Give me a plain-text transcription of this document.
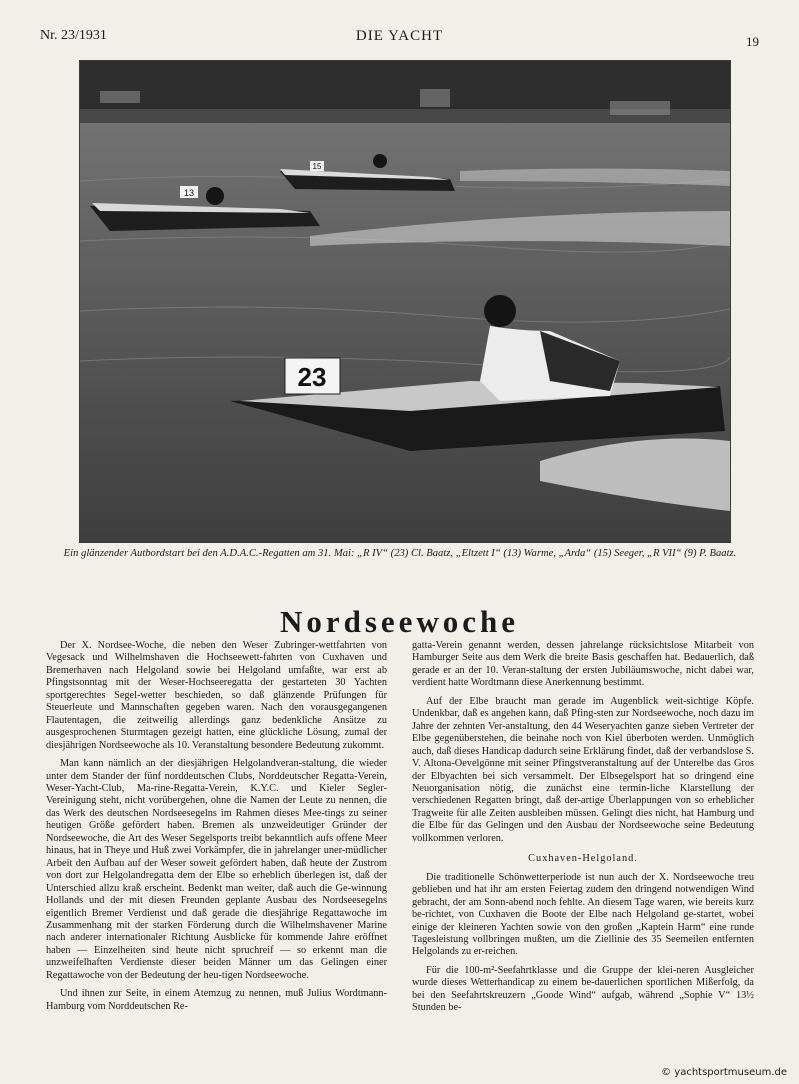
Nr. 23/1931	DIE YACHT	19
13
15
23
Ein glänzender Autbordstart bei den A.D.A.C.-Regatten am 31. Mai: „R IV“ (23) Cl. Baatz, „Eltzett I“ (13) Warme, „Arda“ (15) Seeger, „R VII“ (9) P. Baatz.
Nordseewoche

Der X. Nordsee-Woche, die neben den Weser Zubringer-wettfahrten von Vegesack und Wilhelmshaven die Hochseewett-fahrten von Cuxhaven und Bremerhaven nach Helgoland sowie bei Helgoland umfaßte, war erst ab Pfingstsonntag mit der Weser-Hochseeregatta der gestarteten 30 Yachten sportgerechtes Segel-wetter beschieden, so daß glänzende Prüfungen für Steuerleute und Mannschaften gegeben waren. Nach den vorausgegangenen Flautentagen, die zeitweilig allerdings ganz bedenkliche Ansätze zu ausgesprochenen Sturmtagen gezeigt hatten, eine glückliche Lösung, zumal der diesjährigen Nordseewoche als 10. Veranstaltung besondere Bedeutung zukommt.

Man kann nämlich an der diesjährigen Helgolandveran-staltung, die wieder unter dem Stander der fünf norddeutschen Clubs, Norddeutscher Regatta-Verein, Weser-Yacht-Club, Ma-rine-Regatta-Verein, K.Y.C. und Kieler Segler-Vereinigung steht, nicht vorübergehen, ohne die Namen der Leute zu nennen, die das Werk des deutschen Nordseesegelns im Rahmen dieses Mee-tings zu seiner heutigen Größe gefördert haben. Bremen als unzweideutiger Gründer der Nordseewoche, die Art des Weser Segelsports treibt bekanntlich aufs offene Meer hinaus, hat in Theye und Huß zwei Vorkämpfer, die in jahrelanger uner-müdlicher Arbeit den Aufbau auf der Weser soweit gefördert haben, daß heute der Zustrom von dort zur Helgolandregatta dem der Elbe so erheblich überlegen ist, daß der Unterschied allzu kraß erscheint. Bedenkt man weiter, daß auch die Ge-winnung Hollands und der mit diesen Freunden geplante Ausbau des Nordseesegelns eigentlich Bremer Verdienst und daß gerade die diesjährige Regattawoche im Zusammenhang mit der starken Förderung durch die Wilhelmshavener Marine nach anderer internationaler Richtung Ausblicke für kommende Jahre eröffnet haben — Einzelheiten sind heute nicht spruchreif — so erkennt man die unzweifelhaften Verdienste dieser beiden Männer um das Gelingen einer Regattawoche von der Bedeutung der heu-tigen Nordseewoche.

Und ihnen zur Seite, in einem Atemzug zu nennen, muß Julius Wordtmann-Hamburg vom Norddeutschen Re-

gatta-Verein genannt werden, dessen jahrelange rücksichtslose Mitarbeit von Hamburger Seite aus dem Werk die breite Basis geschaffen hat. Bedauerlich, daß gerade er an der 10. Veran-staltung der ersten Jubiläumswoche, nicht dabei war, verdient hatte Wordtmann diese Anerkennung bestimmt.

Auf der Elbe braucht man gerade im Augenblick weit-sichtige Köpfe. Undenkbar, daß es angehen kann, daß Pfing-sten zur Nordseewoche, noch dazu im Jahre der zehnten Ver-anstaltung, den 44 Weseryachten ganze sieben Vertreter der Elbe gegenüberstehen, die beinahe noch von Kiel überboten werden. Unmöglich auch, daß dieses Handicap dadurch seine Erklärung findet, daß der verbandslose S. V. Altona-Oevelgönne mit seiner Pfingstveranstaltung auf der Unterelbe das Gros der Elbyachten bei sich versammelt. Der Elbsegelsport hat so dringend eine Neuorganisation nötig, die zunächst eine termin-liche Klarstellung der verschiedenen Regatten bringt, daß der-artige Überlappungen von so erheblicher Tragweite für alle Zeiten ausbleiben müssen. Gelingt dies nicht, hat Hamburg und die Elbe für das Gelingen und den Ausbau der Nordseewoche seine Bedeutung vollkommen verloren.

Cuxhaven-Helgoland.

Die traditionelle Schönwetterperiode ist nun auch der X. Nordseewoche treu geblieben und hat ihr am ersten Feiertag zudem den dringend notwendigen Wind gebracht, der am Sonn-abend noch fehlte. An diesem Tage waren, wie bereits kurz be-richtet, von Cuxhaven die Boote der Elbe nach Helgoland ge-startet, wobei einige der kleineren Yachten sowie von den großen „Kaptein Harm“ eine runde Tagesleistung vollbringen mußten, um die Ziellinie des 35 Seemeilen entfernten Helgolands zu er-reichen.

Für die 100-m²-Seefahrtklasse und die Gruppe der klei-neren Ausgleicher wurde dieses Wetterhandicap zu einem be-dauerlichen sportlichen Mißerfolg, da bei den Seefahrtskreuzern „Goode Wind“ aufgab, während „Sophie V“ 13½ Stunden be-

© yachtsportmuseum.de
